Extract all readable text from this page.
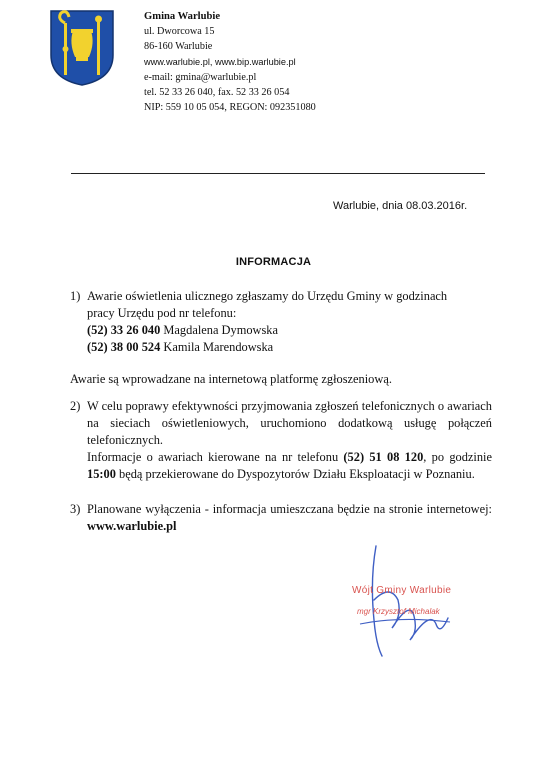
Gmina Warlubie
ul. Dworcowa 15
86-160 Warlubie
www.warlubie.pl, www.bip.warlubie.pl
e-mail: gmina@warlubie.pl
tel. 52 33 26 040, fax. 52 33 26 054
NIP: 559 10 05 054, REGON: 092351080
Warlubie, dnia 08.03.2016r.
INFORMACJA
1) Awarie oświetlenia ulicznego zgłaszamy do Urzędu Gminy w godzinach
pracy Urzędu pod nr telefonu:
(52) 33 26 040 Magdalena Dymowska
(52) 38 00 524 Kamila Marendowska
Awarie są wprowadzane na internetową platformę zgłoszeniową.
2) W celu poprawy efektywności przyjmowania zgłoszeń telefonicznych o awariach na sieciach oświetleniowych, uruchomiono dodatkową usługę połączeń telefonicznych.
Informacje o awariach kierowane na nr telefonu (52) 51 08 120, po godzinie 15:00 będą przekierowane do Dyspozytorów Działu Eksploatacji w Poznaniu.
3) Planowane wyłączenia - informacja umieszczana będzie na stronie internetowej: www.warlubie.pl
Wójt Gminy Warlubie
mgr Krzysztof Michalak
